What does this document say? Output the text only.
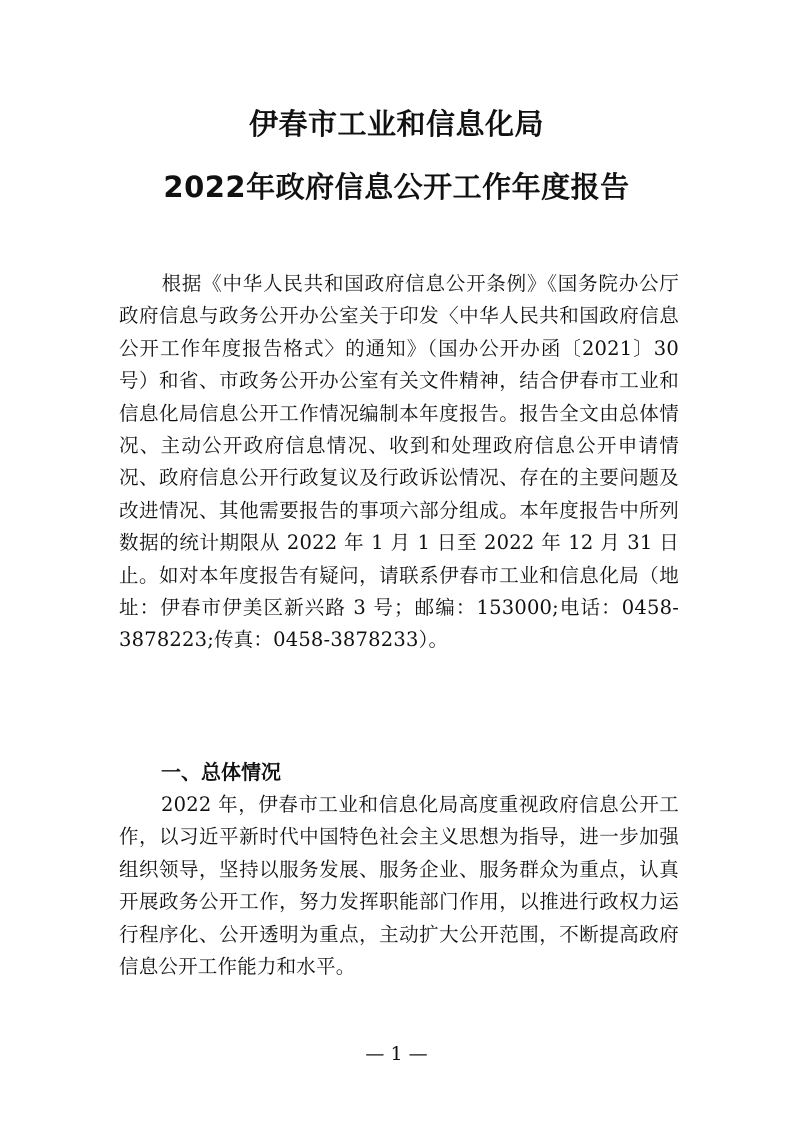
伊春市工业和信息化局
2022年政府信息公开工作年度报告
根据《中华人民共和国政府信息公开条例》《国务院办公厅政府信息与政务公开办公室关于印发〈中华人民共和国政府信息公开工作年度报告格式〉的通知》（国办公开办函〔2021〕30 号）和省、市政务公开办公室有关文件精神，结合伊春市工业和信息化局信息公开工作情况编制本年度报告。报告全文由总体情况、主动公开政府信息情况、收到和处理政府信息公开申请情况、政府信息公开行政复议及行政诉讼情况、存在的主要问题及改进情况、其他需要报告的事项六部分组成。本年度报告中所列数据的统计期限从 2022 年 1 月 1 日至 2022 年 12 月 31 日止。如对本年度报告有疑问，请联系伊春市工业和信息化局（地 址：伊春市伊美区新兴路 3 号；邮编：153000;电话：0458-3878223;传真：0458-3878233）。
一、总体情况
2022 年，伊春市工业和信息化局高度重视政府信息公开工作，以习近平新时代中国特色社会主义思想为指导，进一步加强组织领导，坚持以服务发展、服务企业、服务群众为重点，认真开展政务公开工作，努力发挥职能部门作用，以推进行政权力运行程序化、公开透明为重点，主动扩大公开范围，不断提高政府信息公开工作能力和水平。
— 1 —
